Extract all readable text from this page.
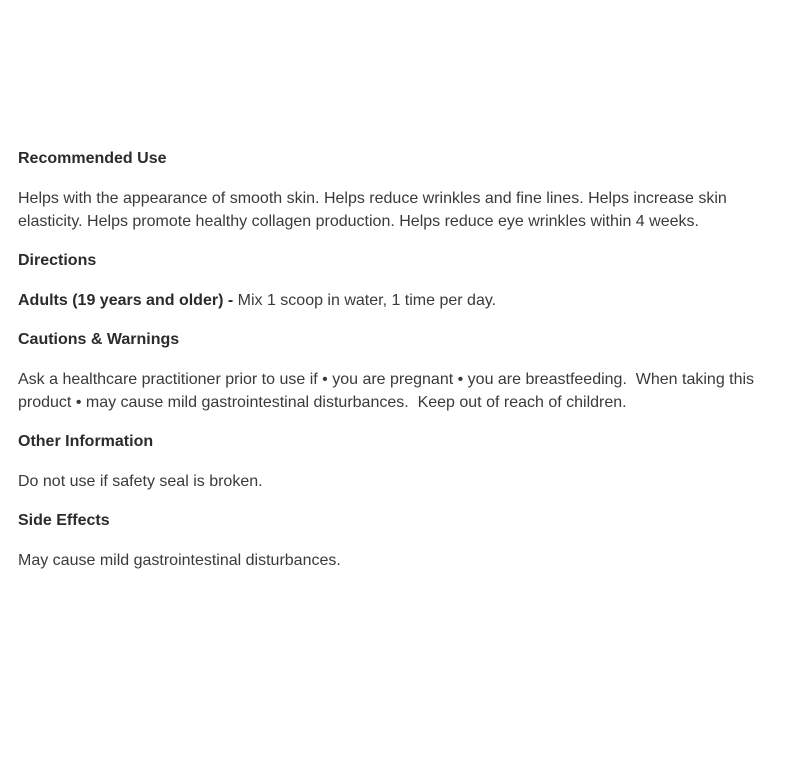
Recommended Use
Helps with the appearance of smooth skin. Helps reduce wrinkles and fine lines. Helps increase skin elasticity. Helps promote healthy collagen production. Helps reduce eye wrinkles within 4 weeks.
Directions
Adults (19 years and older) - Mix 1 scoop in water, 1 time per day.
Cautions & Warnings
Ask a healthcare practitioner prior to use if • you are pregnant • you are breastfeeding.  When taking this product • may cause mild gastrointestinal disturbances.  Keep out of reach of children.
Other Information
Do not use if safety seal is broken.
Side Effects
May cause mild gastrointestinal disturbances.
